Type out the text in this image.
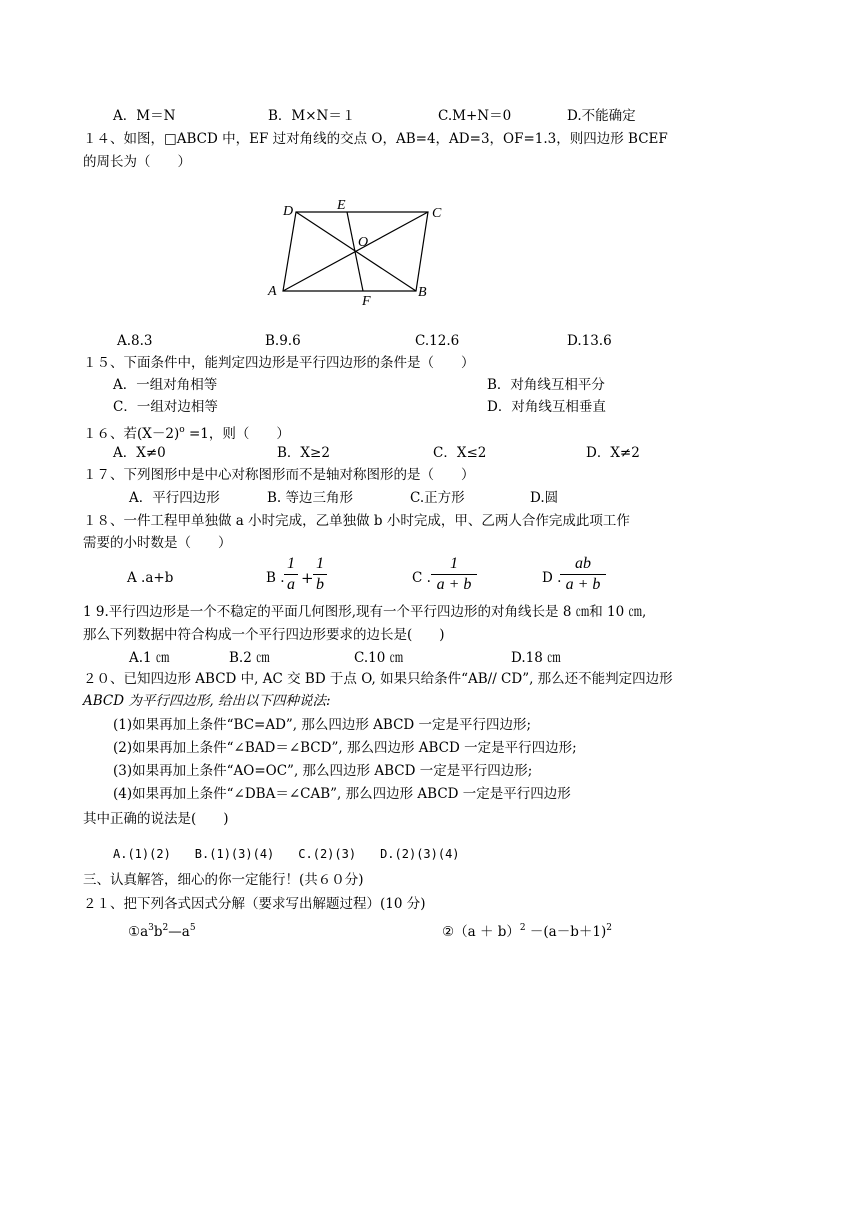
A．M＝N	B．M×N＝１	C.M+N＝0	D.不能确定
１４、如图，□ABCD 中，EF 过对角线的交点 O，AB=4，AD=3，OF=1.3，则四边形 BCEF
的周长为（　　）
D	E
C
O
A
F
B
A.8.3	B.9.6	C.12.6	D.13.6
１５、下面条件中，能判定四边形是平行四边形的条件是（　　）
A．一组对角相等	B．对角线互相平分
C．一组对边相等	D．对角线互相垂直
１６、若$(X-2)^o =1$，则（　　）
A．X≠0	B．X≥2	C．X≤2	D．X≠2
１７、下列图形中是中心对称图形而不是轴对称图形的是（　　）
A．平行四边形	B. 等边三角形	C.正方形	D.圆
１８、一件工程甲单独做 a 小时完成，乙单独做 b 小时完成，甲、乙两人合作完成此项工作
需要的小时数是（　　）
A .a+b	B .
1
a +
1
b	C .
1
a + b	D .
ab
a + b
1 9.平行四边形是一个不稳定的平面几何图形,现有一个平行四边形的对角线长是 8 ㎝和 10 ㎝,
那么下列数据中符合构成一个平行四边形要求的边长是(　　)
A.1 ㎝	B.2 ㎝	C.10 ㎝	D.18 ㎝
２０、已知四边形 ABCD 中, AC 交 BD 于点 O, 如果只给条件“AB// CD”, 那么还不能判定四边形
ABCD 为平行四边形, 给出以下四种说法:
(1)如果再加上条件“BC=AD”, 那么四边形 ABCD 一定是平行四边形;
(2)如果再加上条件“∠BAD＝∠BCD”, 那么四边形 ABCD 一定是平行四边形;
(3)如果再加上条件“AO=OC”, 那么四边形 ABCD 一定是平行四边形;
(4)如果再加上条件“∠DBA＝∠CAB”, 那么四边形 ABCD 一定是平行四边形
其中正确的说法是(　　)
A.(1)(2)　　B.(1)(3)(4)　　C.(2)(3)　　D.(2)(3)(4)
三、认真解答，细心的你一定能行！(共６０分)
２１、把下列各式因式分解（要求写出解题过程）(10 分)
$①a^3b^2—a^5$	②（a ＋ $b)^2 -(a-b+1)^2$
